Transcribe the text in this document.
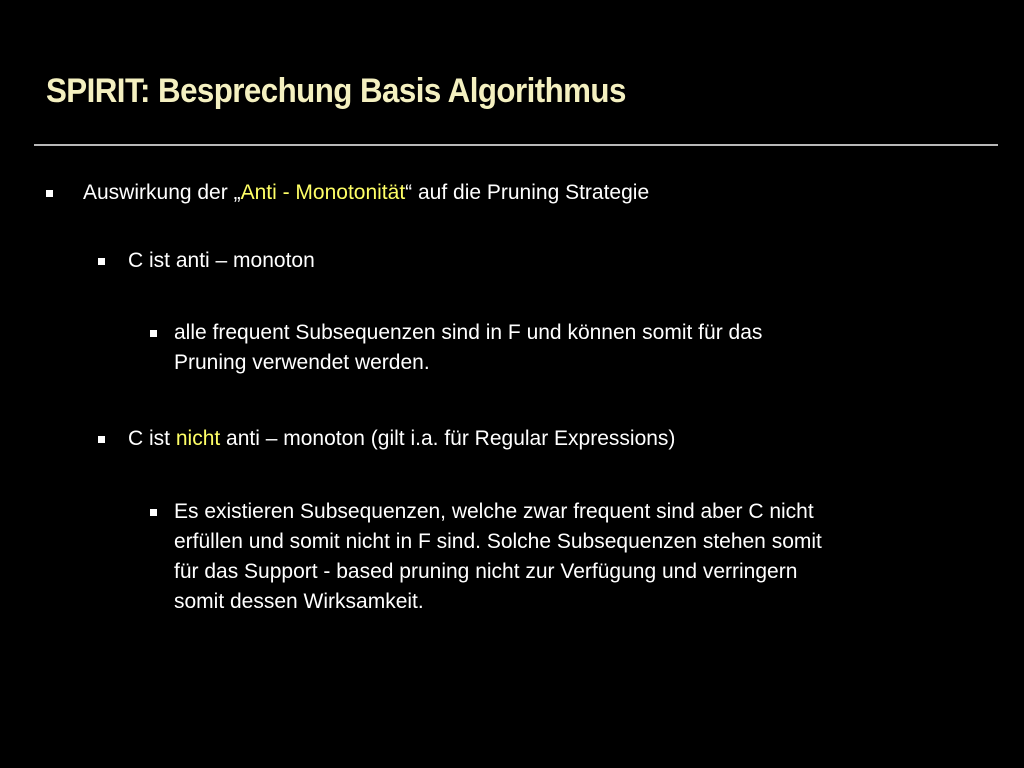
SPIRIT: Besprechung Basis Algorithmus
Auswirkung der „Anti - Monotonität“ auf die Pruning Strategie
C ist anti – monoton
alle frequent Subsequenzen sind in F und können somit für das
Pruning verwendet werden.
C ist nicht anti – monoton (gilt i.a. für Regular Expressions)
Es existieren Subsequenzen, welche zwar frequent sind aber C nicht
erfüllen und somit nicht in F sind. Solche Subsequenzen stehen somit
für das Support - based pruning nicht zur Verfügung und verringern
somit dessen Wirksamkeit.
